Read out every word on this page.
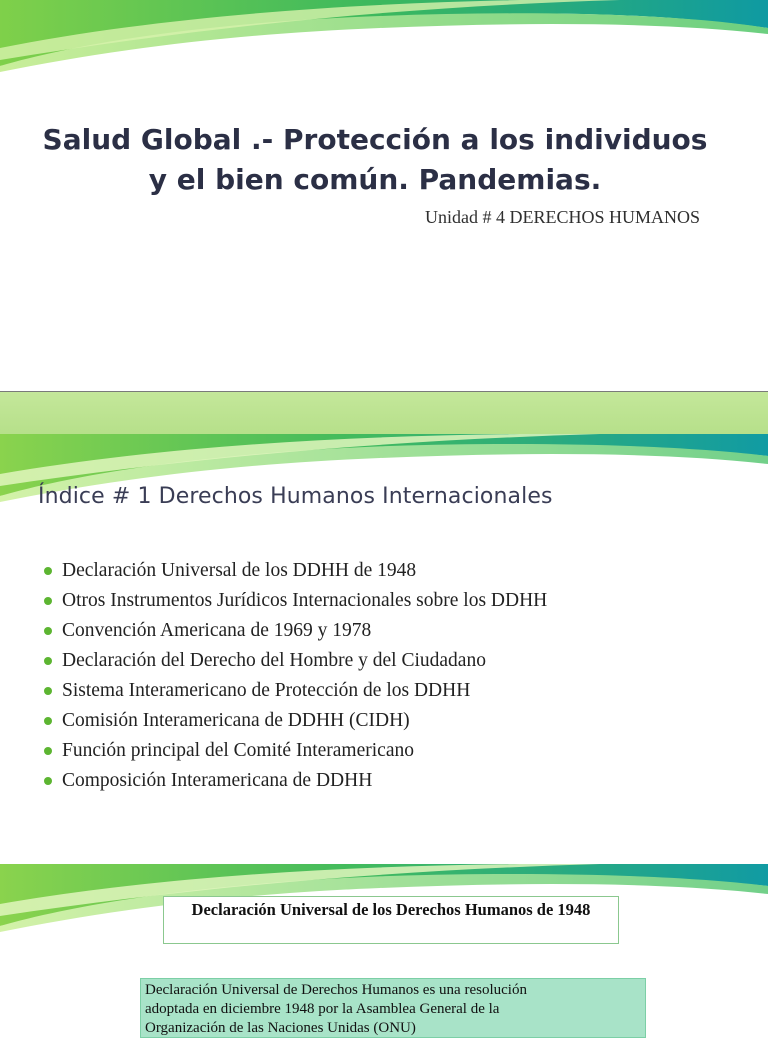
Salud Global .- Protección a los individuos
y el bien común. Pandemias.
Unidad # 4 DERECHOS HUMANOS
Índice # 1 Derechos Humanos Internacionales
Declaración Universal de los DDHH de 1948
Otros Instrumentos Jurídicos Internacionales sobre los DDHH
Convención Americana de 1969 y 1978
Declaración del Derecho del Hombre y del Ciudadano
Sistema Interamericano de Protección de los DDHH
Comisión Interamericana de DDHH (CIDH)
Función principal del Comité Interamericano
Composición Interamericana de DDHH
Declaración Universal de los Derechos Humanos de 1948
Declaración Universal de Derechos Humanos es una resolución
adoptada en diciembre 1948 por la Asamblea General de la
Organización de las Naciones Unidas (ONU)
